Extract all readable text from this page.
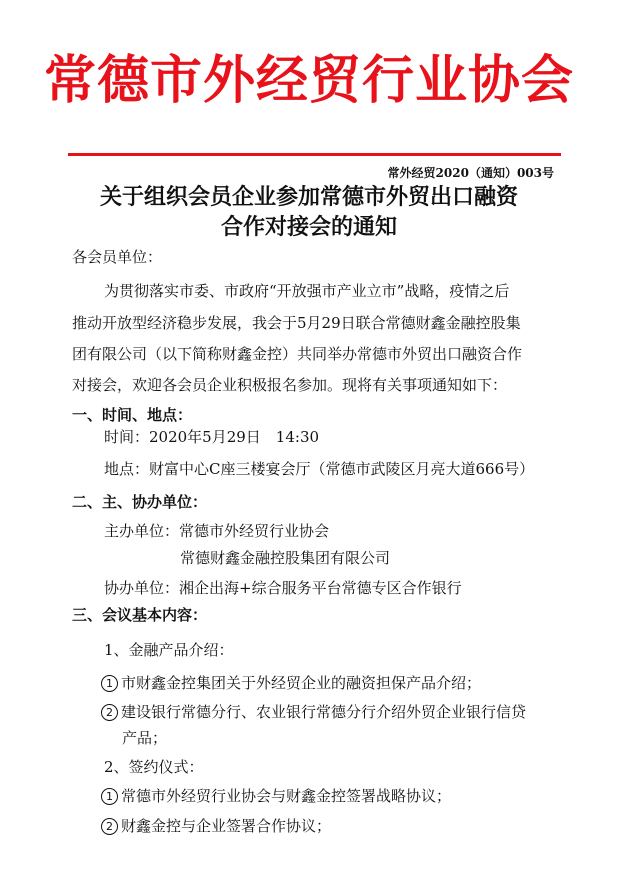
常德市外经贸行业协会
常外经贸2020（通知）003号
关于组织会员企业参加常德市外贸出口融资
合作对接会的通知
各会员单位：
为贯彻落实市委、市政府“开放强市产业立市”战略，疫情之后
推动开放型经济稳步发展，我会于5月29日联合常德财鑫金融控股集
团有限公司（以下简称财鑫金控）共同举办常德市外贸出口融资合作
对接会，欢迎各会员企业积极报名参加。现将有关事项通知如下：
一、时间、地点：
时间：2020年5月29日　14:30
地点：财富中心C座三楼宴会厅（常德市武陵区月亮大道666号）
二、主、协办单位：
主办单位：常德市外经贸行业协会
常德财鑫金融控股集团有限公司
协办单位：湘企出海+综合服务平台常德专区合作银行
三、会议基本内容：
1、金融产品介绍：
1 市财鑫金控集团关于外经贸企业的融资担保产品介绍；
2 建设银行常德分行、农业银行常德分行介绍外贸企业银行信贷
产品；
2、签约仪式：
1 常德市外经贸行业协会与财鑫金控签署战略协议；
2 财鑫金控与企业签署合作协议；
